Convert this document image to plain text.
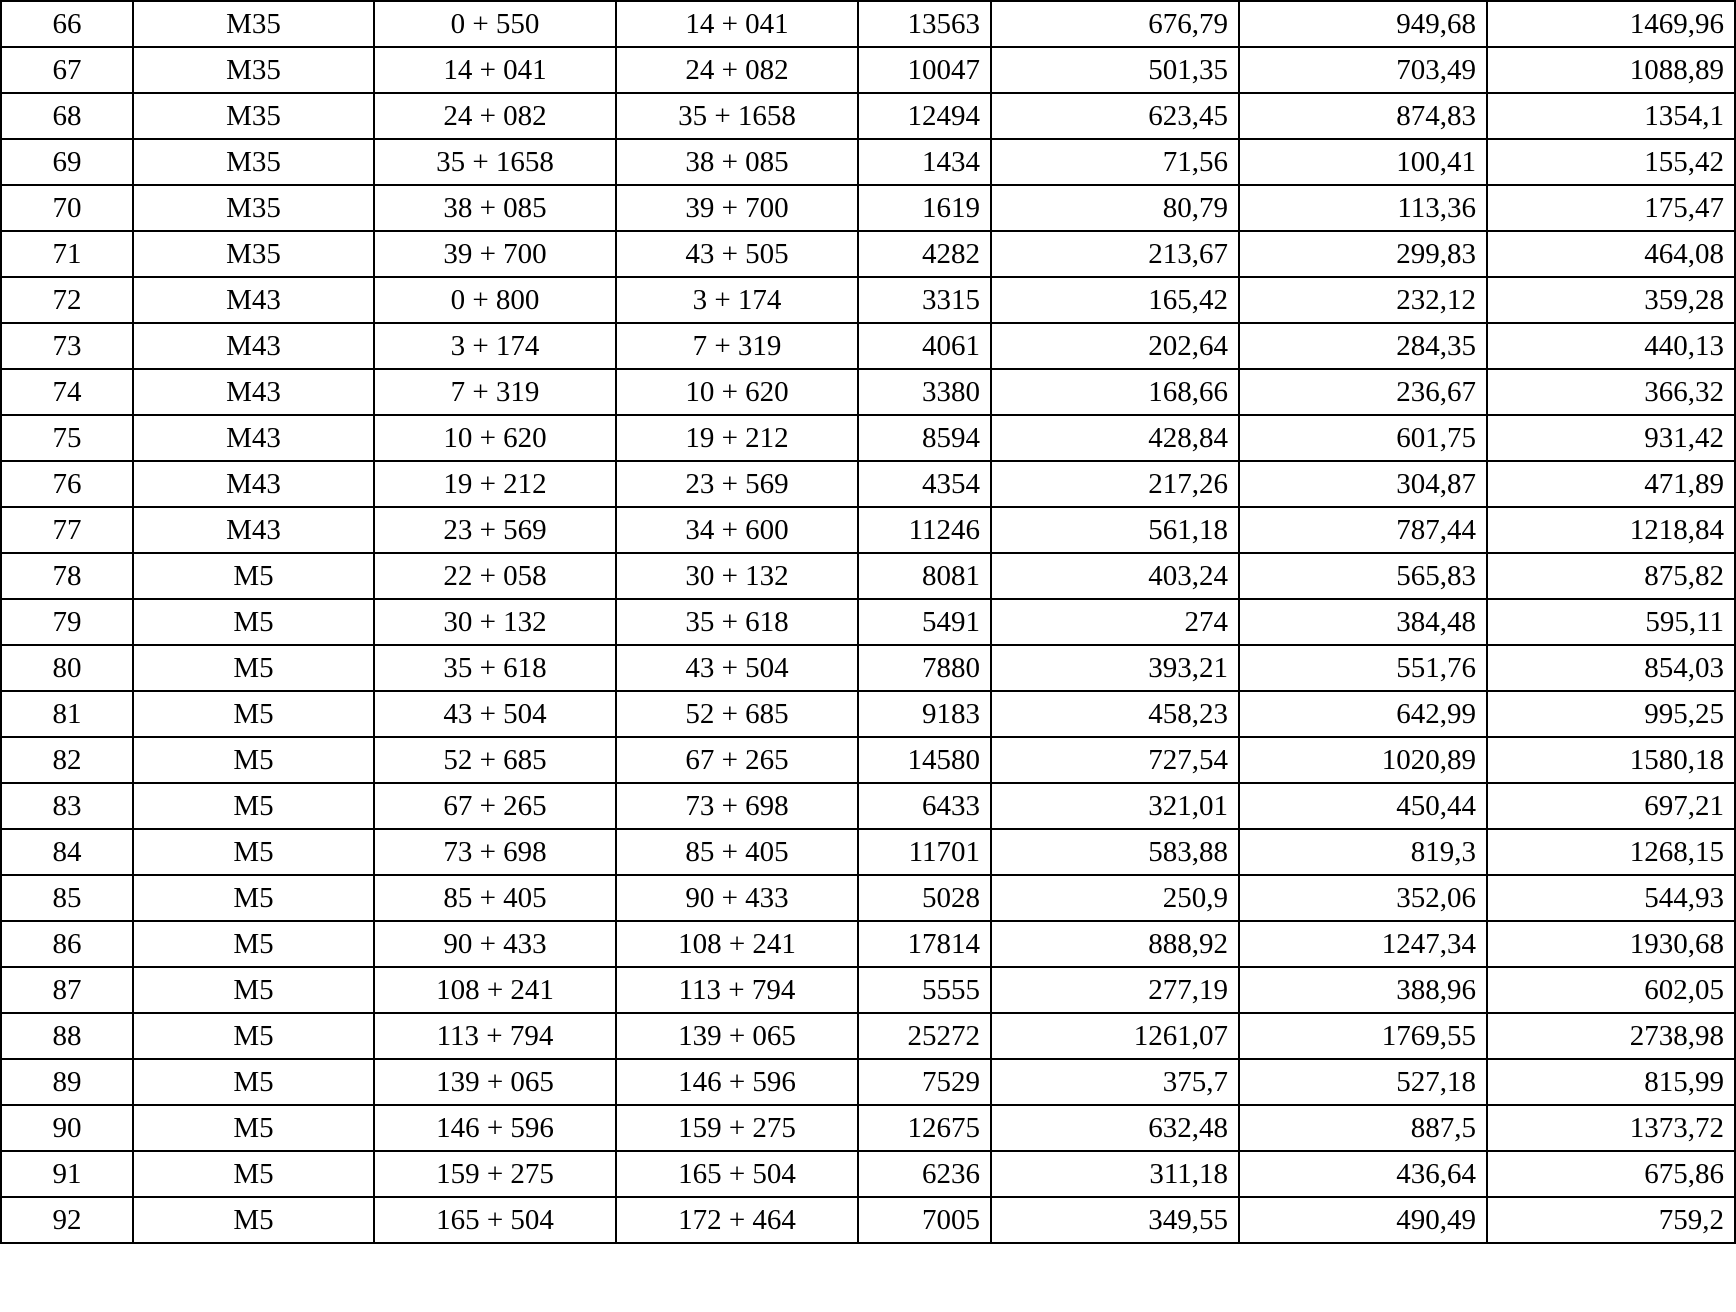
66	M35	0 + 550	14 + 041	13563	676,79	949,68	1469,96
67	M35	14 + 041	24 + 082	10047	501,35	703,49	1088,89
68	M35	24 + 082	35 + 1658	12494	623,45	874,83	1354,1
69	M35	35 + 1658	38 + 085	1434	71,56	100,41	155,42
70	M35	38 + 085	39 + 700	1619	80,79	113,36	175,47
71	M35	39 + 700	43 + 505	4282	213,67	299,83	464,08
72	M43	0 + 800	3 + 174	3315	165,42	232,12	359,28
73	M43	3 + 174	7 + 319	4061	202,64	284,35	440,13
74	M43	7 + 319	10 + 620	3380	168,66	236,67	366,32
75	M43	10 + 620	19 + 212	8594	428,84	601,75	931,42
76	M43	19 + 212	23 + 569	4354	217,26	304,87	471,89
77	M43	23 + 569	34 + 600	11246	561,18	787,44	1218,84
78	M5	22 + 058	30 + 132	8081	403,24	565,83	875,82
79	M5	30 + 132	35 + 618	5491	274	384,48	595,11
80	M5	35 + 618	43 + 504	7880	393,21	551,76	854,03
81	M5	43 + 504	52 + 685	9183	458,23	642,99	995,25
82	M5	52 + 685	67 + 265	14580	727,54	1020,89	1580,18
83	M5	67 + 265	73 + 698	6433	321,01	450,44	697,21
84	M5	73 + 698	85 + 405	11701	583,88	819,3	1268,15
85	M5	85 + 405	90 + 433	5028	250,9	352,06	544,93
86	M5	90 + 433	108 + 241	17814	888,92	1247,34	1930,68
87	M5	108 + 241	113 + 794	5555	277,19	388,96	602,05
88	M5	113 + 794	139 + 065	25272	1261,07	1769,55	2738,98
89	M5	139 + 065	146 + 596	7529	375,7	527,18	815,99
90	M5	146 + 596	159 + 275	12675	632,48	887,5	1373,72
91	M5	159 + 275	165 + 504	6236	311,18	436,64	675,86
92	M5	165 + 504	172 + 464	7005	349,55	490,49	759,2
